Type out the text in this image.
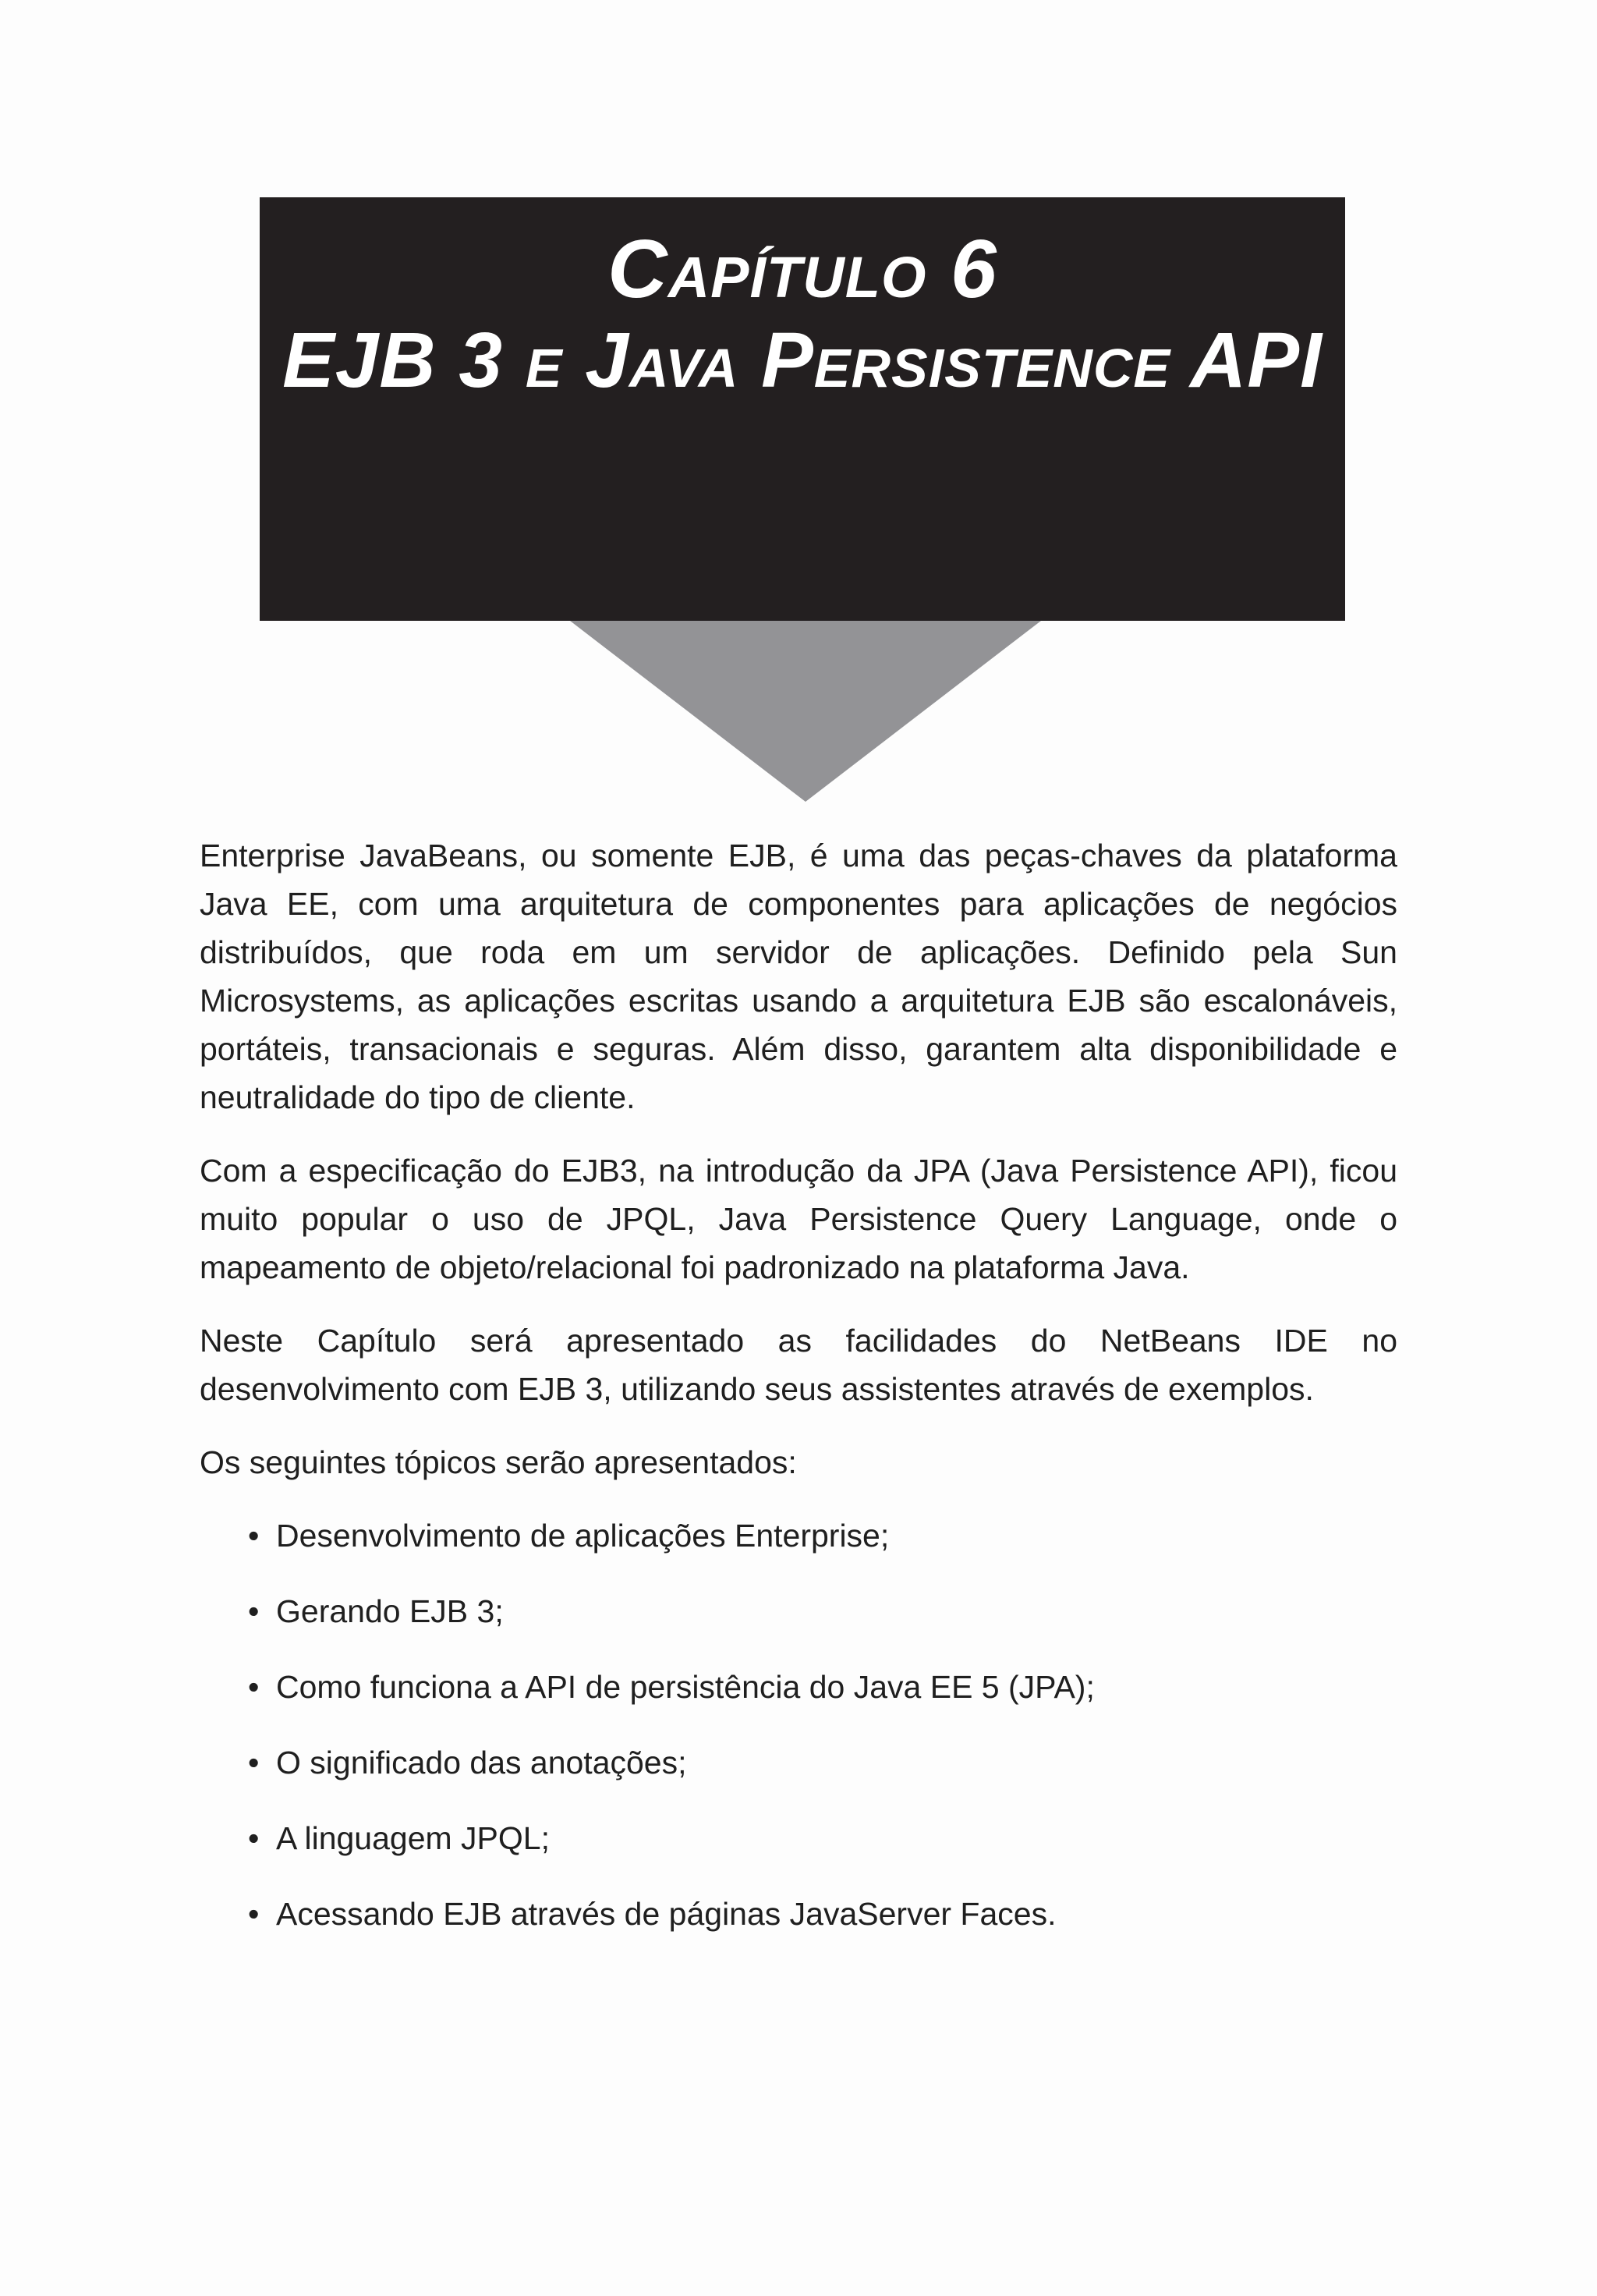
Capítulo 6
EJB 3 e Java Persistence API

Enterprise JavaBeans, ou somente EJB, é uma das peças-chaves da plataforma Java EE, com uma arquitetura de componentes para aplicações de negócios distribuídos, que roda em um servidor de aplicações. Definido pela Sun Microsystems, as aplicações escritas usando a arquitetura EJB são escalonáveis, portáteis, transacionais e seguras. Além disso, garantem alta disponibilidade e neutralidade do tipo de cliente.

Com a especificação do EJB3, na introdução da JPA (Java Persistence API), ficou muito popular o uso de JPQL, Java Persistence Query Language, onde o mapeamento de objeto/relacional foi padronizado na plataforma Java.

Neste Capítulo será apresentado as facilidades do NetBeans IDE no desenvolvimento com EJB 3, utilizando seus assistentes através de exemplos.

Os seguintes tópicos serão apresentados:

• Desenvolvimento de aplicações Enterprise;
• Gerando EJB 3;
• Como funciona a API de persistência do Java EE 5 (JPA);
• O significado das anotações;
• A linguagem JPQL;
• Acessando EJB através de páginas JavaServer Faces.
